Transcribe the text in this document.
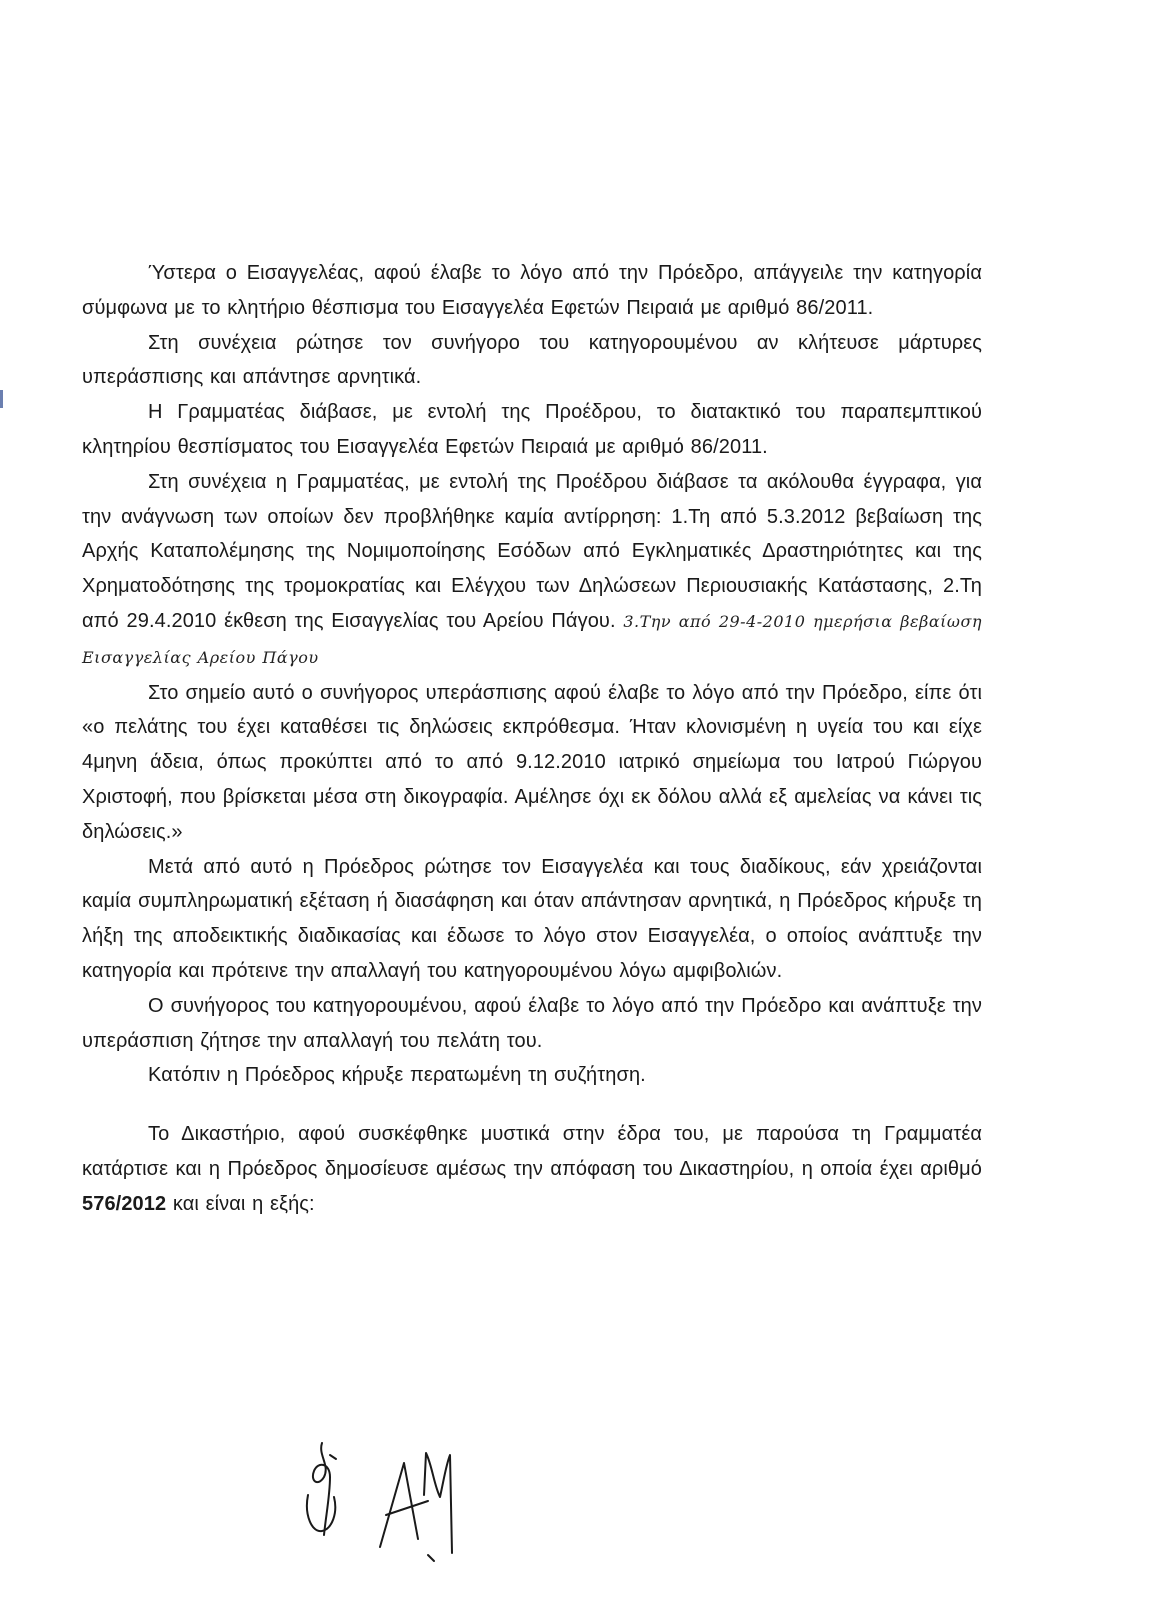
Ύστερα ο Εισαγγελέας, αφού έλαβε το λόγο από την Πρόεδρο, απάγγειλε την κατηγορία σύμφωνα με το κλητήριο θέσπισμα του Εισαγγελέα Εφετών Πειραιά με αριθμό 86/2011.

Στη συνέχεια ρώτησε τον συνήγορο του κατηγορουμένου αν κλήτευσε μάρτυρες υπεράσπισης και απάντησε αρνητικά.

Η Γραμματέας διάβασε, με εντολή της Προέδρου, το διατακτικό του παραπεμπτικού κλητηρίου θεσπίσματος του Εισαγγελέα Εφετών Πειραιά με αριθμό 86/2011.

Στη συνέχεια η Γραμματέας, με εντολή της Προέδρου διάβασε τα ακόλουθα έγγραφα, για την ανάγνωση των οποίων δεν προβλήθηκε καμία αντίρρηση: 1.Τη από 5.3.2012 βεβαίωση της Αρχής Καταπολέμησης της Νομιμοποίησης Εσόδων από Εγκληματικές Δραστηριότητες και της Χρηματοδότησης της τρομοκρατίας και Ελέγχου των Δηλώσεων Περιουσιακής Κατάστασης, 2.Τη από 29.4.2010 έκθεση της Εισαγγελίας του Αρείου Πάγου. 3.Την από 29-4-2010 ημερήσια βεβαίωση Εισαγγελίας Αρείου Πάγου

Στο σημείο αυτό ο συνήγορος υπεράσπισης αφού έλαβε το λόγο από την Πρόεδρο, είπε ότι «ο πελάτης του έχει καταθέσει τις δηλώσεις εκπρόθεσμα. Ήταν κλονισμένη η υγεία του και είχε 4μηνη άδεια, όπως προκύπτει από το από 9.12.2010 ιατρικό σημείωμα του Ιατρού Γιώργου Χριστοφή, που βρίσκεται μέσα στη δικογραφία. Αμέλησε όχι εκ δόλου αλλά εξ αμελείας να κάνει τις δηλώσεις.»

Μετά από αυτό η Πρόεδρος ρώτησε τον Εισαγγελέα και τους διαδίκους, εάν χρειάζονται καμία συμπληρωματική εξέταση ή διασάφηση και όταν απάντησαν αρνητικά, η Πρόεδρος κήρυξε τη λήξη της αποδεικτικής διαδικασίας και έδωσε το λόγο στον Εισαγγελέα, ο οποίος ανάπτυξε την κατηγορία και πρότεινε την απαλλαγή του κατηγορουμένου λόγω αμφιβολιών.

Ο συνήγορος του κατηγορουμένου, αφού έλαβε το λόγο από την Πρόεδρο και ανάπτυξε την υπεράσπιση ζήτησε την απαλλαγή του πελάτη του.

Κατόπιν η Πρόεδρος κήρυξε περατωμένη τη συζήτηση.

Το Δικαστήριο, αφού συσκέφθηκε μυστικά στην έδρα του, με παρούσα τη Γραμματέα κατάρτισε και η Πρόεδρος δημοσίευσε αμέσως την απόφαση του Δικαστηρίου, η οποία έχει αριθμό 576/2012 και είναι η εξής:
